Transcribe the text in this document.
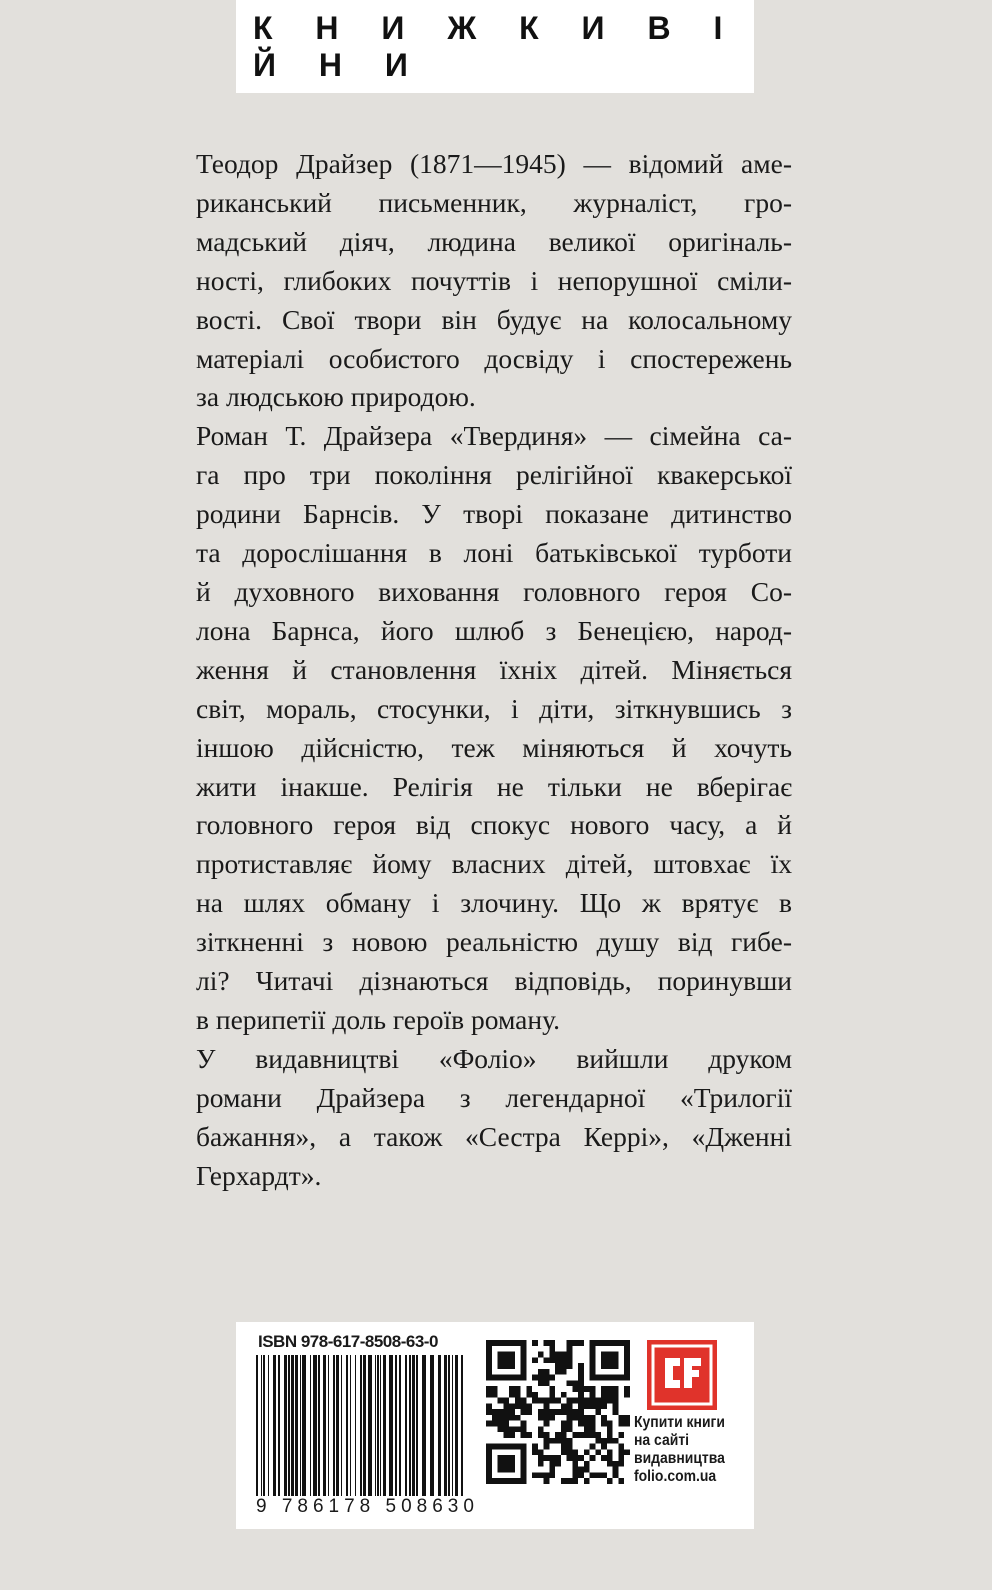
К Н И Ж К И В І Й Н И
Теодор Драйзер (1871—1945) — відомий аме-
риканський письменник, журналіст, гро-
мадський діяч, людина великої оригіналь-
ності, глибоких почуттів і непорушної сміли-
вості. Свої твори він будує на колосальному
матеріалі особистого досвіду і спостережень
за людською природою.
Роман Т. Драйзера «Твердиня» — сімейна са-
га про три покоління релігійної квакерської
родини Барнсів. У творі показане дитинство
та дорослішання в лоні батьківської турботи
й духовного виховання головного героя Со-
лона Барнса, його шлюб з Бенецією, народ-
ження й становлення їхніх дітей. Міняється
світ, мораль, стосунки, і діти, зіткнувшись з
іншою дійсністю, теж міняються й хочуть
жити інакше. Релігія не тільки не вберігає
головного героя від спокус нового часу, а й
протиставляє йому власних дітей, штовхає їх
на шлях обману і злочину. Що ж врятує в
зіткненні з новою реальністю душу від гибе-
лі? Читачі дізнаються відповідь, поринувши
в перипетії доль героїв роману.
У видавництві «Фоліо» вийшли друком
романи Драйзера з легендарної «Трилогії
бажання», а також «Сестра Керрі», «Дженні
Герхардт».
ISBN 978-617-8508-63-0
9 786178 508630
Купити книги
на сайті
видавництва
folio.com.ua
